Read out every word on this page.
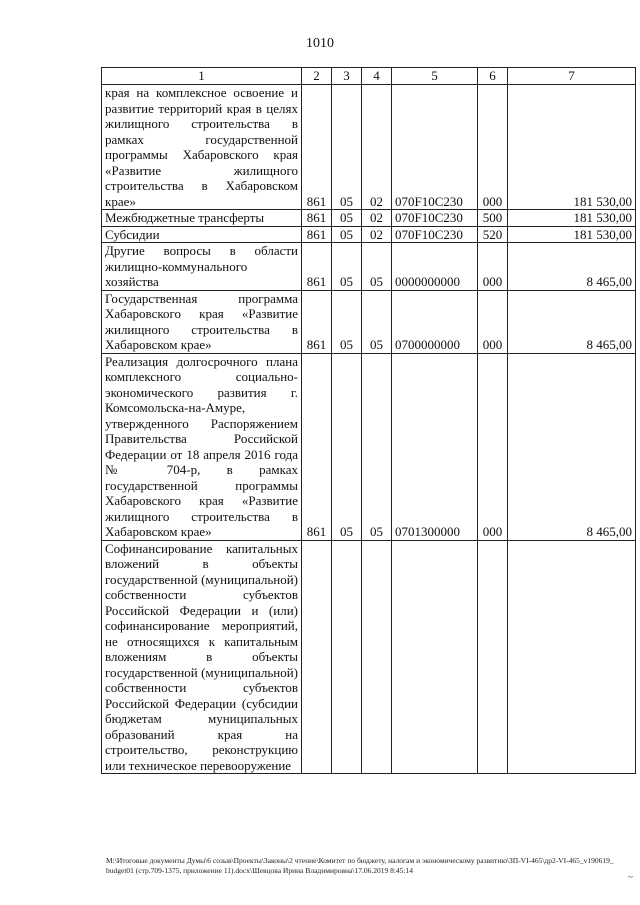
1010
1	2	3	4	5	6	7
края на комплексное освоение и развитие территорий края в целях жилищного строительства в рамках государственной программы Хабаровского края «Развитие жилищного строительства в Хабаровском крае»	861	05	02	070F10C230	000	181 530,00
Межбюджетные трансферты	861	05	02	070F10C230	500	181 530,00
Субсидии	861	05	02	070F10C230	520	181 530,00
Другие вопросы в области жилищно-коммунального хозяйства	861	05	05	0000000000	000	8 465,00
Государственная программа Хабаровского края «Развитие жилищного строительства в Хабаровском крае»	861	05	05	0700000000	000	8 465,00
Реализация долгосрочного плана комплексного социально-экономического развития г. Комсомольска-на-Амуре, утвержденного Распоряжением Правительства Российской Федерации от 18 апреля 2016 года № 704-р, в рамках государственной программы Хабаровского края «Развитие жилищного строительства в Хабаровском крае»	861	05	05	0701300000	000	8 465,00
Софинансирование капитальных вложений в объекты государственной (муниципальной) собственности субъектов Российской Федерации и (или) софинансирование мероприятий, не относящихся к капитальным вложениям в объекты государственной (муниципальной) собственности субъектов Российской Федерации (субсидии бюджетам муниципальных образований края на строительство, реконструкцию или техническое перевооружение						
M:\Итоговые документы Думы\6 созыв\Проекты\Законы\2 чтение\Комитет по бюджету, налогам и экономическому развитию\ЗП-VI-465\др2-VI-465_v190619_budget01 (стр.709-1375, приложение 11).docx\Шевцова Ирина Владимировна\17.06.2019 8:45:14
~
